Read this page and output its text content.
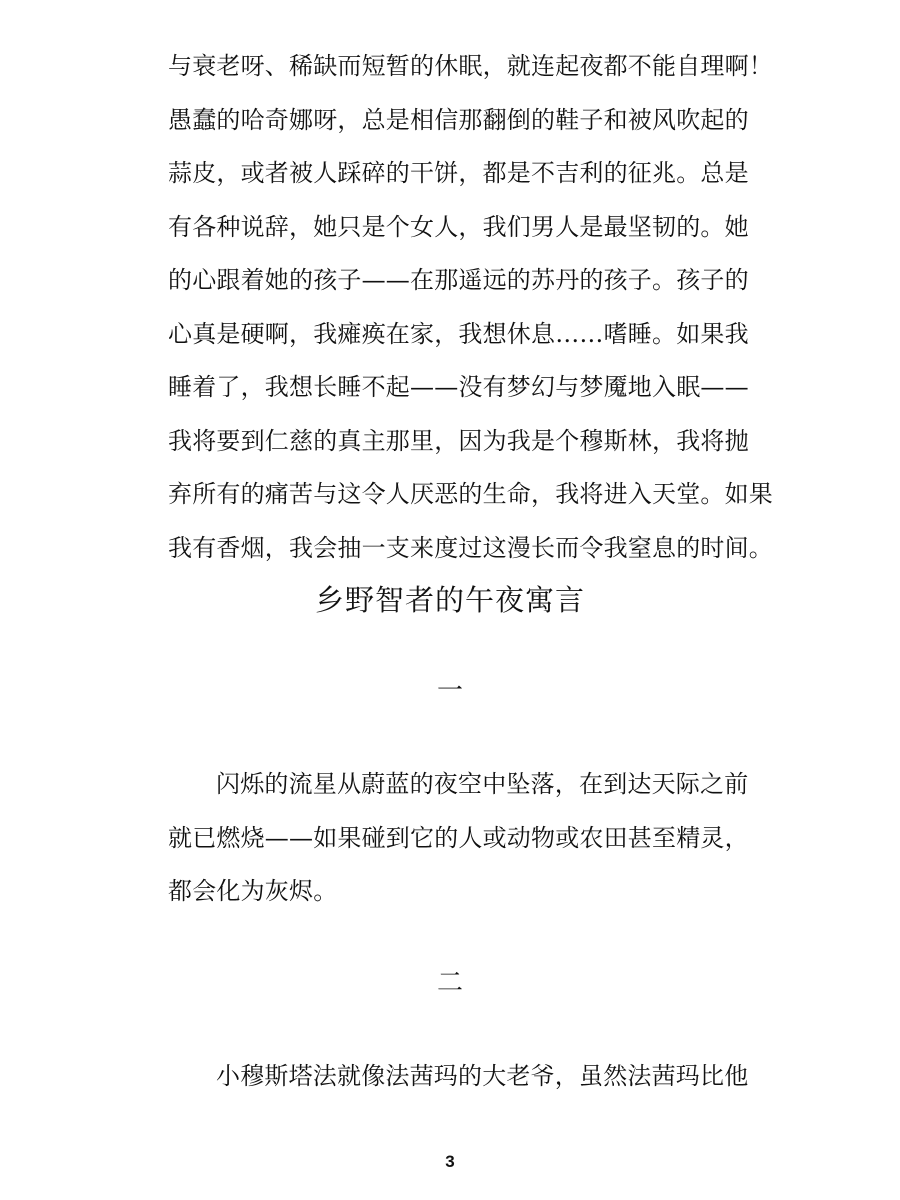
与衰老呀、稀缺而短暂的休眠，就连起夜都不能自理啊！
愚蠢的哈奇娜呀，总是相信那翻倒的鞋子和被风吹起的
蒜皮，或者被人踩碎的干饼，都是不吉利的征兆。总是
有各种说辞，她只是个女人，我们男人是最坚韧的。她
的心跟着她的孩子——在那遥远的苏丹的孩子。孩子的
心真是硬啊，我瘫痪在家，我想休息……嗜睡。如果我
睡着了，我想长睡不起——没有梦幻与梦魇地入眠——
我将要到仁慈的真主那里，因为我是个穆斯林，我将抛
弃所有的痛苦与这令人厌恶的生命，我将进入天堂。如果
我有香烟，我会抽一支来度过这漫长而令我窒息的时间。

乡野智者的午夜寓言
一

闪烁的流星从蔚蓝的夜空中坠落，在到达天际之前
就已燃烧——如果碰到它的人或动物或农田甚至精灵，
都会化为灰烬。

二

小穆斯塔法就像法茜玛的大老爷，虽然法茜玛比他

3
